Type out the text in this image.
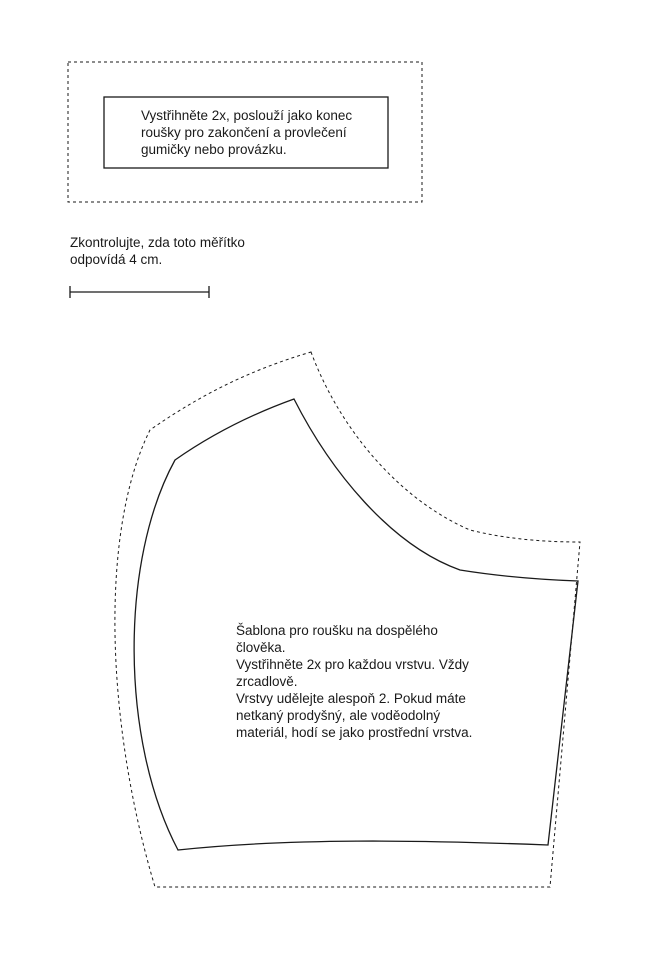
Vystřihněte 2x, poslouží jako konec

roušky pro zakončení a provlečení

gumičky nebo provázku.

Zkontrolujte, zda toto měřítko

odpovídá 4 cm.

Šablona pro roušku na dospělého

člověka.

Vystřihněte 2x pro každou vrstvu. Vždy

zrcadlově.

Vrstvy udělejte alespoň 2. Pokud máte

netkaný prodyšný, ale voděodolný

materiál, hodí se jako prostřední vrstva.
